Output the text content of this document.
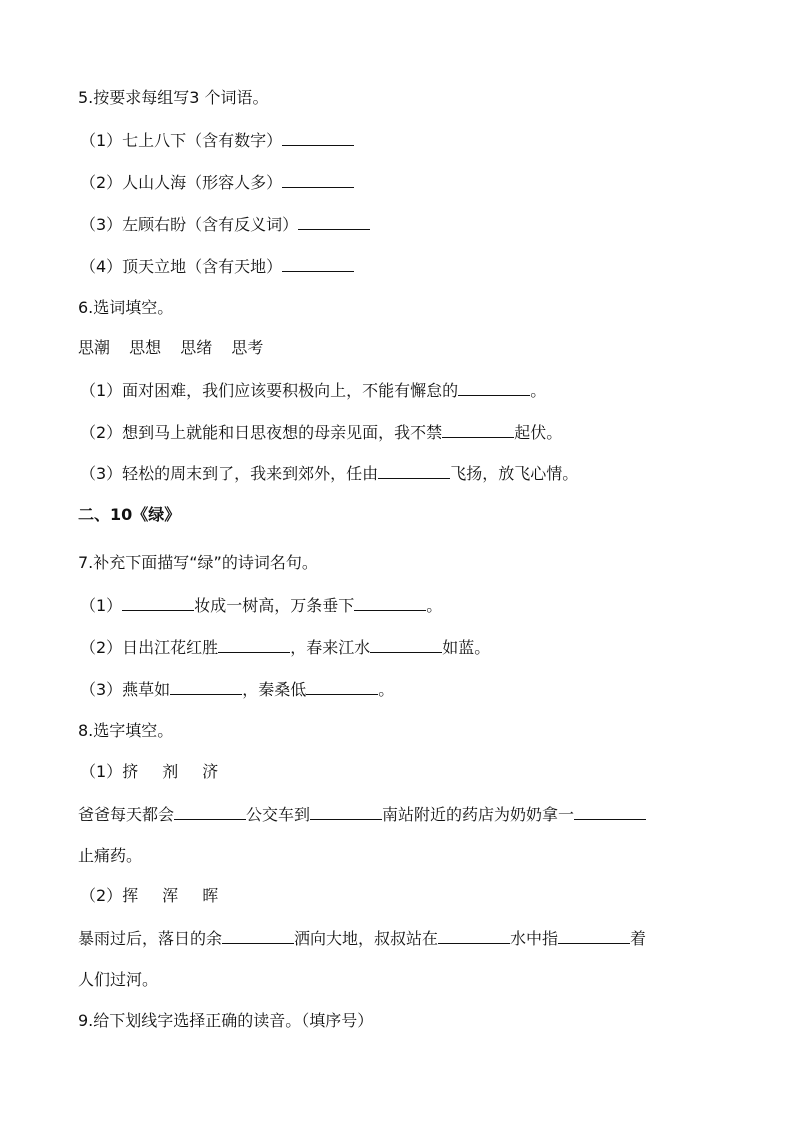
5.按要求每组写3 个词语。
（1）七上八下（含有数字）
（2）人山人海（形容人多）
（3）左顾右盼（含有反义词）
（4）顶天立地（含有天地）
6.选词填空。
思潮 思想 思绪 思考
（1）面对困难，我们应该要积极向上，不能有懈怠的	。
（2）想到马上就能和日思夜想的母亲见面，我不禁	起伏。
（3）轻松的周末到了，我来到郊外，任由	飞扬，放飞心情。
二、10《绿》
7.补充下面描写“绿”的诗词名句。
（1）	妆成一树高，万条垂下	。
（2）日出江花红胜	，春来江水	如蓝。
（3）燕草如	，秦桑低	。
8.选字填空。
（1）挤 剂 济
爸爸每天都会	公交车到	南站附近的药店为奶奶拿一
止痛药。
（2）挥 浑 晖
暴雨过后，落日的余	洒向大地，叔叔站在	水中指	着
人们过河。
9.给下划线字选择正确的读音。（填序号）
